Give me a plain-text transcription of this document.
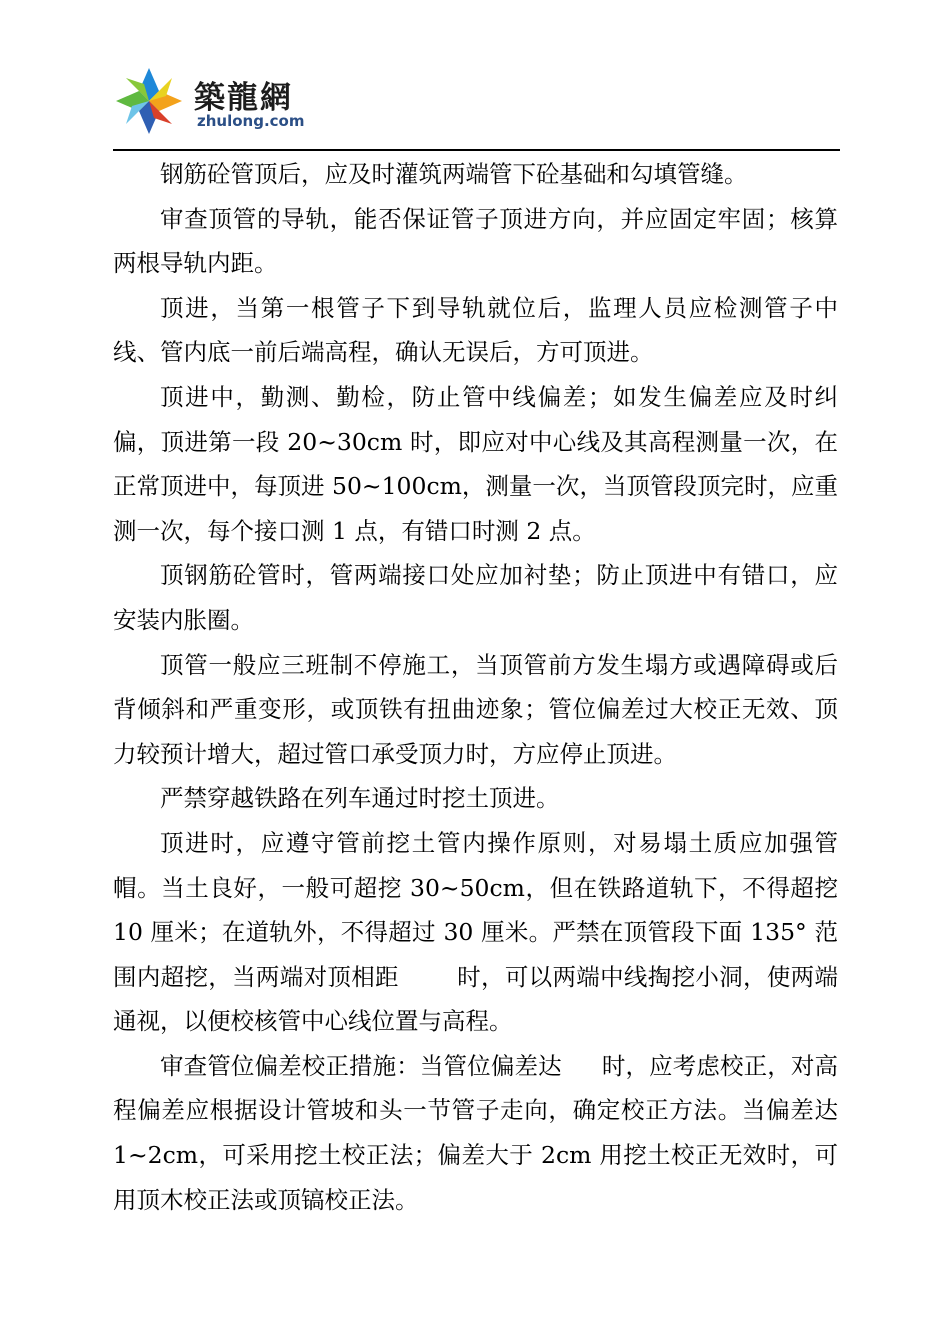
築龍網
zhulong.com

钢筋砼管顶后，应及时灌筑两端管下砼基础和勾填管缝。

审查顶管的导轨，能否保证管子顶进方向，并应固定牢固；核算两根导轨内距。

顶进，当第一根管子下到导轨就位后，监理人员应检测管子中线、管内底一前后端高程，确认无误后，方可顶进。

顶进中，勤测、勤检，防止管中线偏差；如发生偏差应及时纠偏，顶进第一段 20~30cm 时，即应对中心线及其高程测量一次，在正常顶进中，每顶进 50~100cm，测量一次，当顶管段顶完时，应重测一次，每个接口测 1 点，有错口时测 2 点。

顶钢筋砼管时，管两端接口处应加衬垫；防止顶进中有错口，应安装内胀圈。

顶管一般应三班制不停施工，当顶管前方发生塌方或遇障碍或后背倾斜和严重变形，或顶铁有扭曲迹象；管位偏差过大校正无效、顶力较预计增大，超过管口承受顶力时，方应停止顶进。

严禁穿越铁路在列车通过时挖土顶进。

顶进时，应遵守管前挖土管内操作原则，对易塌土质应加强管帽。当土良好，一般可超挖 30~50cm，但在铁路道轨下，不得超挖 10 厘米；在道轨外，不得超过 30 厘米。严禁在顶管段下面 135° 范围内超挖，当两端对顶相距 时，可以两端中线掏挖小洞，使两端通视，以便校核管中心线位置与高程。

审查管位偏差校正措施：当管位偏差达 时，应考虑校正，对高程偏差应根据设计管坡和头一节管子走向，确定校正方法。当偏差达 1~2cm，可采用挖土校正法；偏差大于 2cm 用挖土校正无效时，可用顶木校正法或顶镐校正法。
